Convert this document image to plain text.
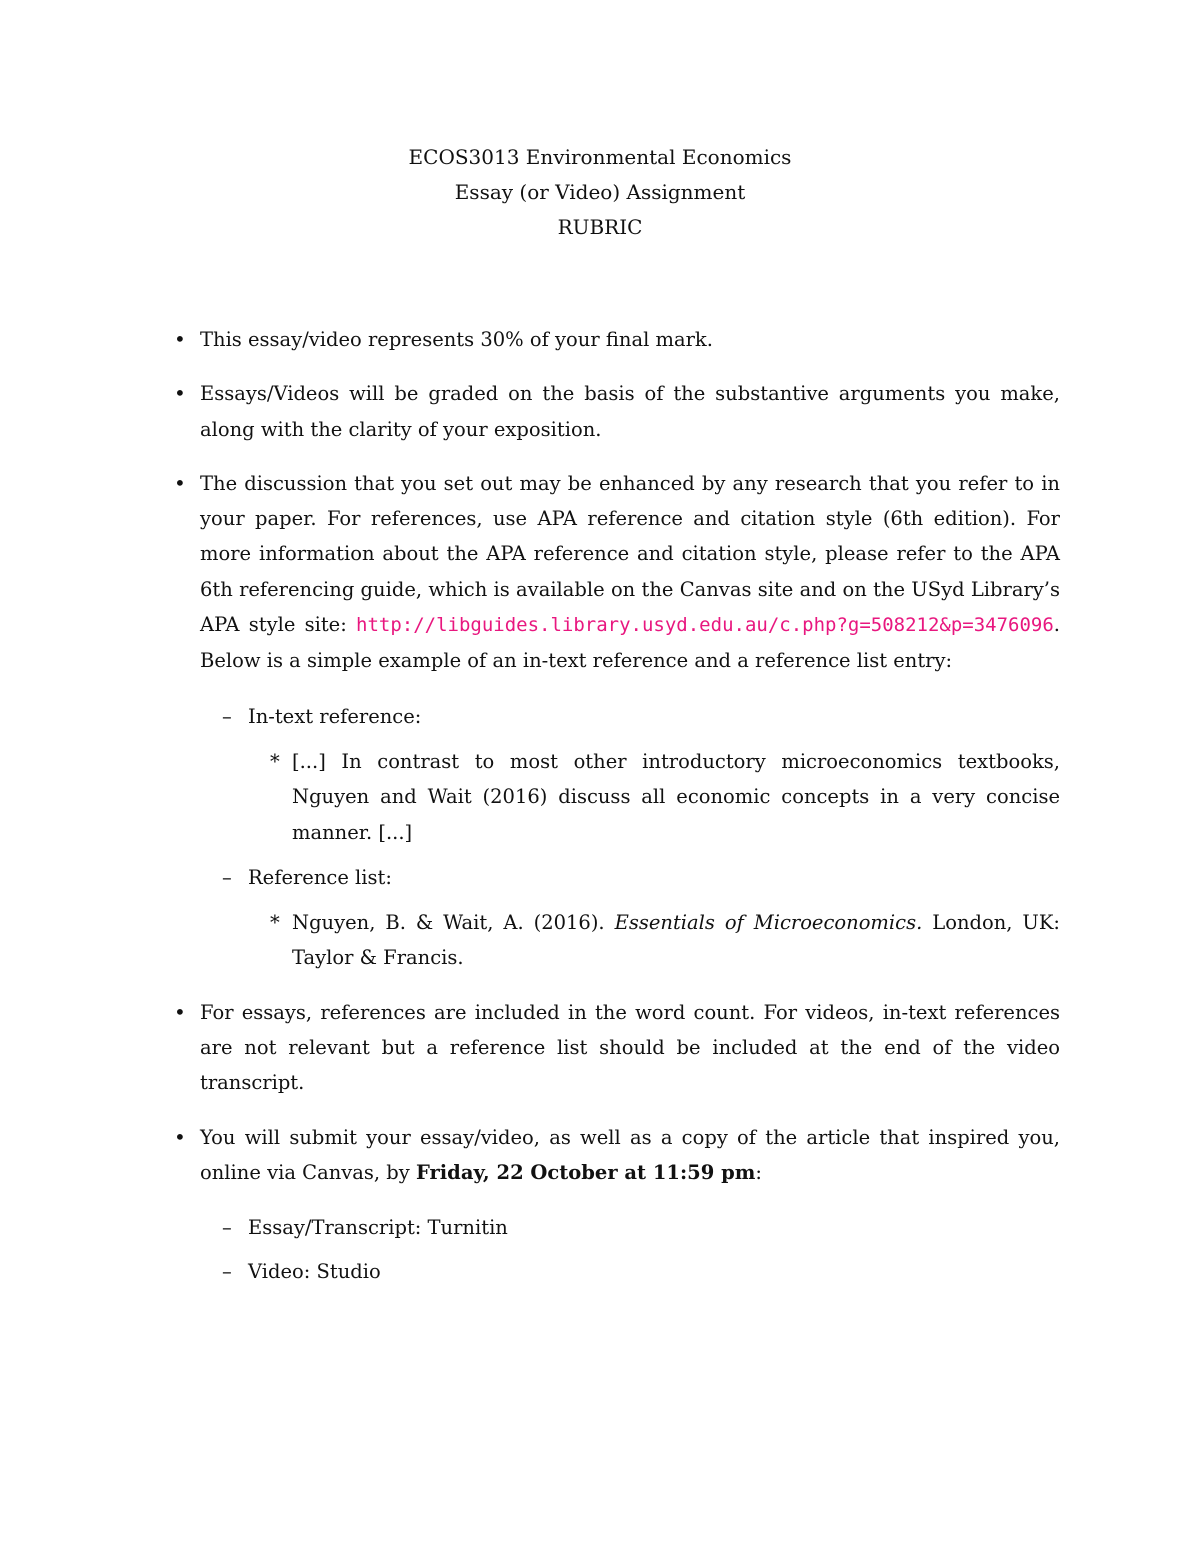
ECOS3013 Environmental Economics
Essay (or Video) Assignment
RUBRIC
• This essay/video represents 30% of your final mark.
• Essays/Videos will be graded on the basis of the substantive arguments you make, along with the clarity of your exposition.
• The discussion that you set out may be enhanced by any research that you refer to in your paper. For references, use APA reference and citation style (6th edition). For more information about the APA reference and citation style, please refer to the APA 6th referencing guide, which is available on the Canvas site and on the USyd Library’s APA style site: http://libguides.library.usyd.edu.au/c.php?g=508212&p=3476096. Below is a simple example of an in-text reference and a reference list entry:
– In-text reference:
* [...] In contrast to most other introductory microeconomics textbooks, Nguyen and Wait (2016) discuss all economic concepts in a very concise manner. [...]
– Reference list:
* Nguyen, B. & Wait, A. (2016). Essentials of Microeconomics. London, UK: Taylor & Francis.
• For essays, references are included in the word count. For videos, in-text references are not relevant but a reference list should be included at the end of the video transcript.
• You will submit your essay/video, as well as a copy of the article that inspired you, online via Canvas, by Friday, 22 October at 11:59 pm:
– Essay/Transcript: Turnitin
– Video: Studio
